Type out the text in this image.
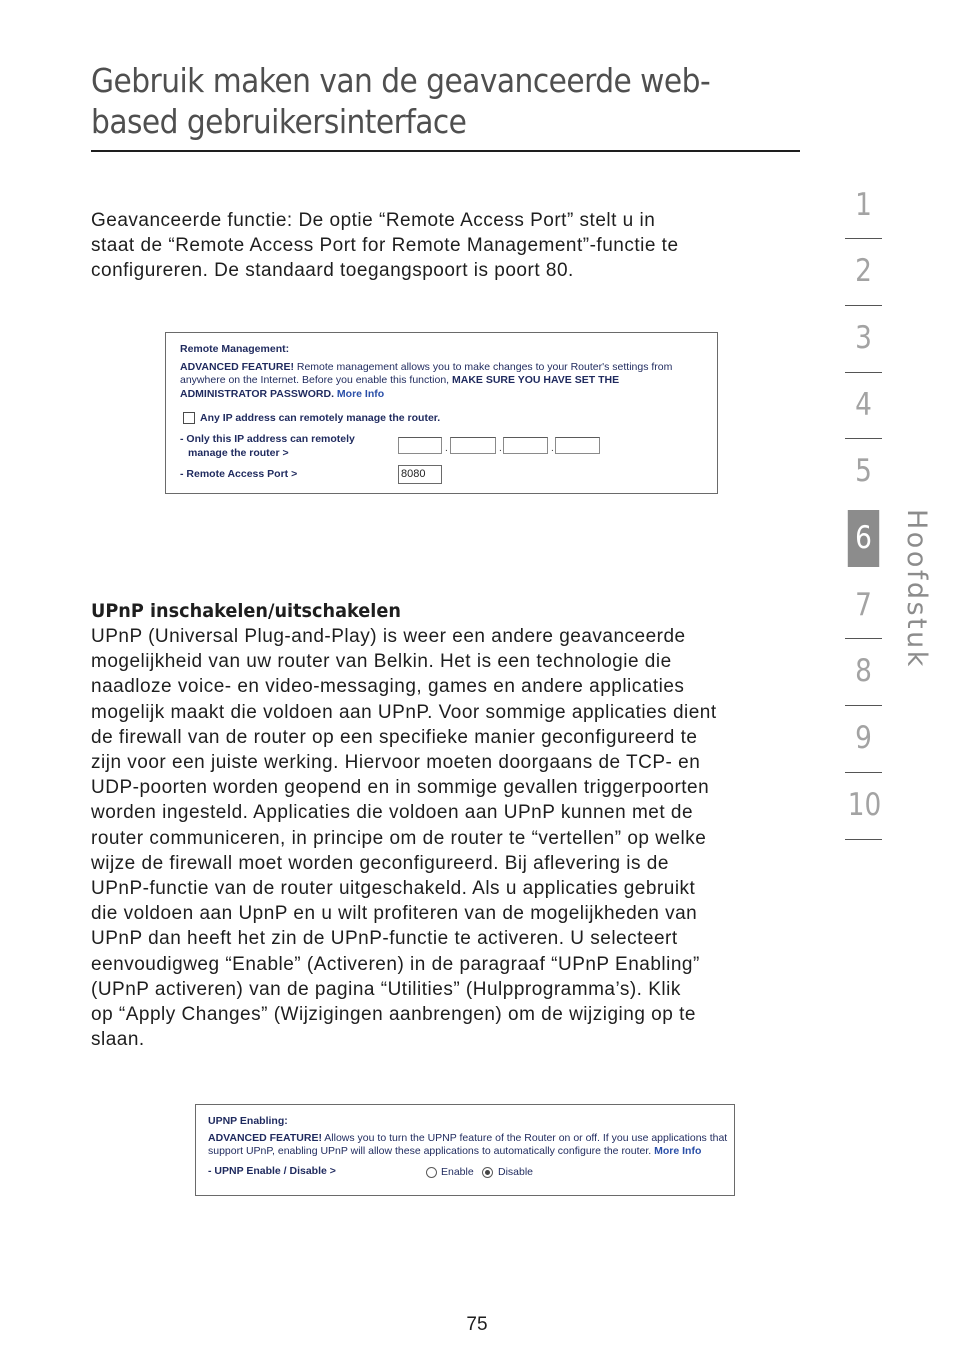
Gebruik maken van de geavanceerde web-
based gebruikersinterface

Geavanceerde functie: De optie “Remote Access Port” stelt u in
staat de “Remote Access Port for Remote Management”-functie te
configureren. De standaard toegangspoort is poort 80.

Remote Management:
ADVANCED FEATURE! Remote management allows you to make changes to your Router's settings from
anywhere on the Internet. Before you enable this function, MAKE SURE YOU HAVE SET THE
ADMINISTRATOR PASSWORD. More Info
Any IP address can remotely manage the router.
- Only this IP address can remotely
manage the router >	.	.	.
- Remote Access Port >	8080
UPnP inschakelen/uitschakelen

UPnP (Universal Plug-and-Play) is weer een andere geavanceerde
mogelijkheid van uw router van Belkin. Het is een technologie die
naadloze voice- en video-messaging, games en andere applicaties
mogelijk maakt die voldoen aan UPnP. Voor sommige applicaties dient
de firewall van de router op een specifieke manier geconfigureerd te
zijn voor een juiste werking. Hiervoor moeten doorgaans de TCP- en
UDP-poorten worden geopend en in sommige gevallen triggerpoorten
worden ingesteld. Applicaties die voldoen aan UPnP kunnen met de
router communiceren, in principe om de router te “vertellen” op welke
wijze de firewall moet worden geconfigureerd. Bij aflevering is de
UPnP-functie van de router uitgeschakeld. Als u applicaties gebruikt
die voldoen aan UpnP en u wilt profiteren van de mogelijkheden van
UPnP dan heeft het zin de UPnP-functie te activeren. U selecteert
eenvoudigweg “Enable” (Activeren) in de paragraaf “UPnP Enabling”
(UPnP activeren) van de pagina “Utilities” (Hulpprogramma’s). Klik
op “Apply Changes” (Wijzigingen aanbrengen) om de wijziging op te
slaan.

UPNP Enabling:
ADVANCED FEATURE! Allows you to turn the UPNP feature of the Router on or off. If you use applications that
support UPnP, enabling UPnP will allow these applications to automatically configure the router. More Info
- UPNP Enable / Disable >	Enable Disable
1
2
3
4
5
6
7
8
9
10

Hoofdstuk

75
